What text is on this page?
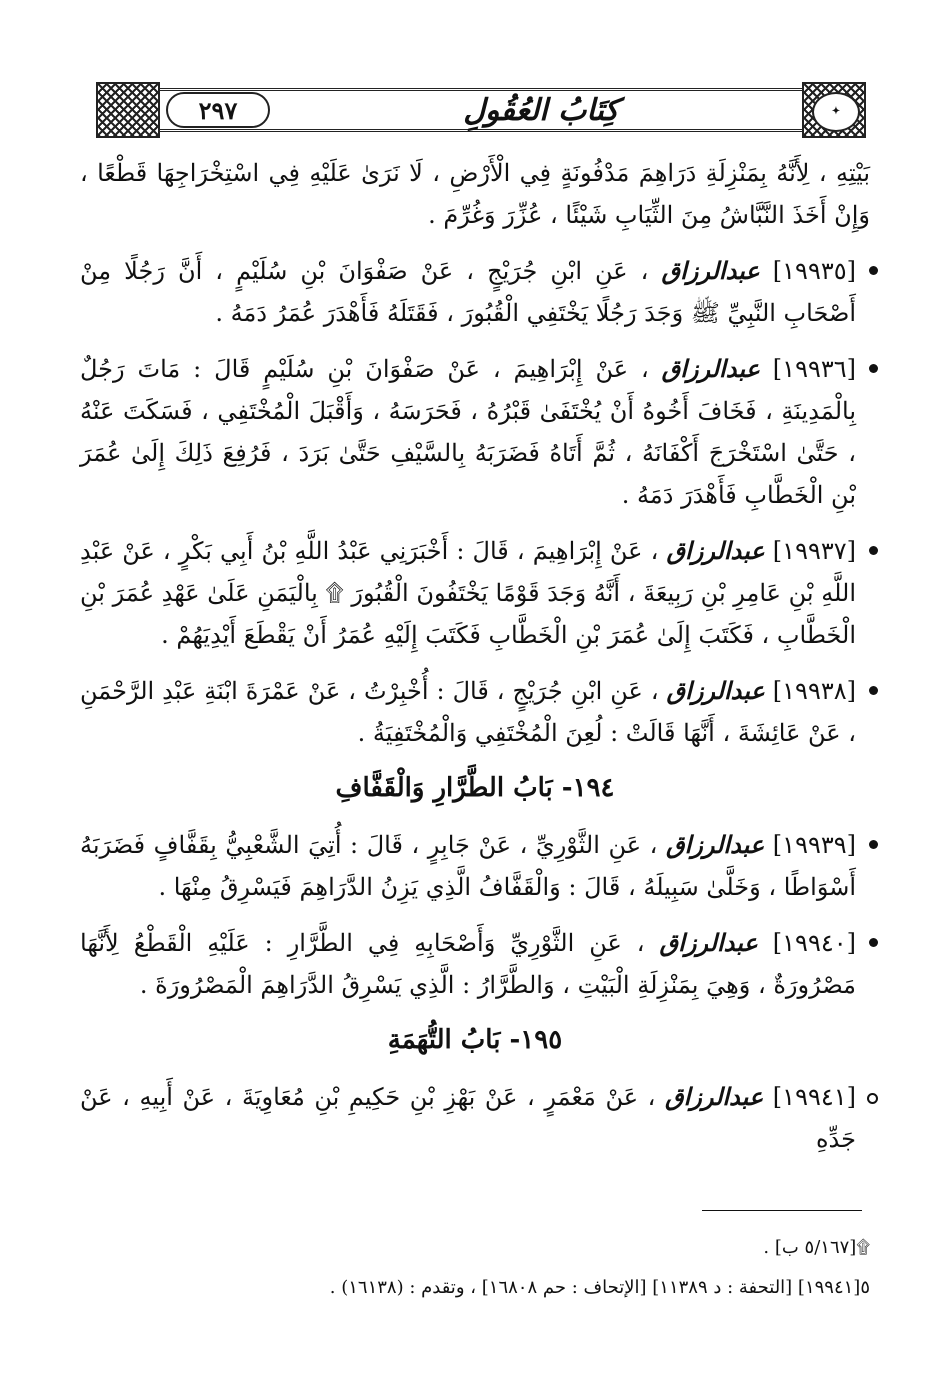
٢٩٧	كِتَابُ العُقُولِ	✦

بَيْتِهِ ، لِأَنَّهُ بِمَنْزِلَةِ دَرَاهِمَ مَدْفُونَةٍ فِي الْأَرْضِ ، لَا نَرَىٰ عَلَيْهِ فِي اسْتِخْرَاجِهَا قَطْعًا ، وَإِنْ أَخَذَ النَّبَّاشُ مِنَ الثِّيَابِ شَيْئًا ، عُزِّرَ وَغُرِّمَ .

[١٩٩٣٥] عبدالرزاق ، عَنِ ابْنِ جُرَيْجٍ ، عَنْ صَفْوَانَ بْنِ سُلَيْمٍ ، أَنَّ رَجُلًا مِنْ أَصْحَابِ النَّبِيِّ ﷺ وَجَدَ رَجُلًا يَخْتَفِي الْقُبُورَ ، فَقَتَلَهُ فَأَهْدَرَ عُمَرُ دَمَهُ .
[١٩٩٣٦] عبدالرزاق ، عَنْ إِبْرَاهِيمَ ، عَنْ صَفْوَانَ بْنِ سُلَيْمٍ قَالَ : مَاتَ رَجُلٌ بِالْمَدِينَةِ ، فَخَافَ أَخُوهُ أَنْ يُخْتَفَىٰ قَبْرُهُ ، فَحَرَسَهُ ، وَأَقْبَلَ الْمُخْتَفِي ، فَسَكَتَ عَنْهُ ، حَتَّىٰ اسْتَخْرَجَ أَكْفَانَهُ ، ثُمَّ أَتَاهُ فَضَرَبَهُ بِالسَّيْفِ حَتَّىٰ بَرَدَ ، فَرُفِعَ ذَلِكَ إِلَىٰ عُمَرَ بْنِ الْخَطَّابِ فَأَهْدَرَ دَمَهُ .
[١٩٩٣٧] عبدالرزاق ، عَنْ إِبْرَاهِيمَ ، قَالَ : أَخْبَرَنِي عَبْدُ اللَّهِ بْنُ أَبِي بَكْرٍ ، عَنْ عَبْدِ اللَّهِ بْنِ عَامِرِ بْنِ رَبِيعَةَ ، أَنَّهُ وَجَدَ قَوْمًا يَخْتَفُونَ الْقُبُورَ ۩ بِالْيَمَنِ عَلَىٰ عَهْدِ عُمَرَ بْنِ الْخَطَّابِ ، فَكَتَبَ إِلَىٰ عُمَرَ بْنِ الْخَطَّابِ فَكَتَبَ إِلَيْهِ عُمَرُ أَنْ يَقْطَعَ أَيْدِيَهُمْ .
[١٩٩٣٨] عبدالرزاق ، عَنِ ابْنِ جُرَيْجٍ ، قَالَ : أُخْبِرْتُ ، عَنْ عَمْرَةَ ابْنَةِ عَبْدِ الرَّحْمَنِ ، عَنْ عَائِشَةَ ، أَنَّهَا قَالَتْ : لُعِنَ الْمُخْتَفِي وَالْمُخْتَفِيَةُ .
١٩٤- بَابُ الطَّرَّارِ وَالْقَفَّافِ
[١٩٩٣٩] عبدالرزاق ، عَنِ الثَّوْرِيِّ ، عَنْ جَابِرٍ ، قَالَ : أُتِيَ الشَّعْبِيُّ بِقَفَّافٍ فَضَرَبَهُ أَسْوَاطًا ، وَخَلَّىٰ سَبِيلَهُ ، قَالَ : وَالْقَفَّافُ الَّذِي يَزِنُ الدَّرَاهِمَ فَيَسْرِقُ مِنْهَا .
[١٩٩٤٠] عبدالرزاق ، عَنِ الثَّوْرِيِّ وَأَصْحَابِهِ فِي الطَّرَّارِ : عَلَيْهِ الْقَطْعُ لِأَنَّهَا مَصْرُورَةٌ ، وَهِيَ بِمَنْزِلَةِ الْبَيْتِ ، وَالطَّرَّارُ : الَّذِي يَسْرِقُ الدَّرَاهِمَ الْمَصْرُورَةَ .
١٩٥- بَابُ التُّهَمَةِ
[١٩٩٤١] عبدالرزاق ، عَنْ مَعْمَرٍ ، عَنْ بَهْزِ بْنِ حَكِيمِ بْنِ مُعَاوِيَةَ ، عَنْ أَبِيهِ ، عَنْ جَدِّهِ
۩[٥/١٦٧ ب] .
٥[١٩٩٤١] [التحفة : د ١١٣٨٩] [الإتحاف : حم ١٦٨٠٨] ، وتقدم : (١٦١٣٨) .
